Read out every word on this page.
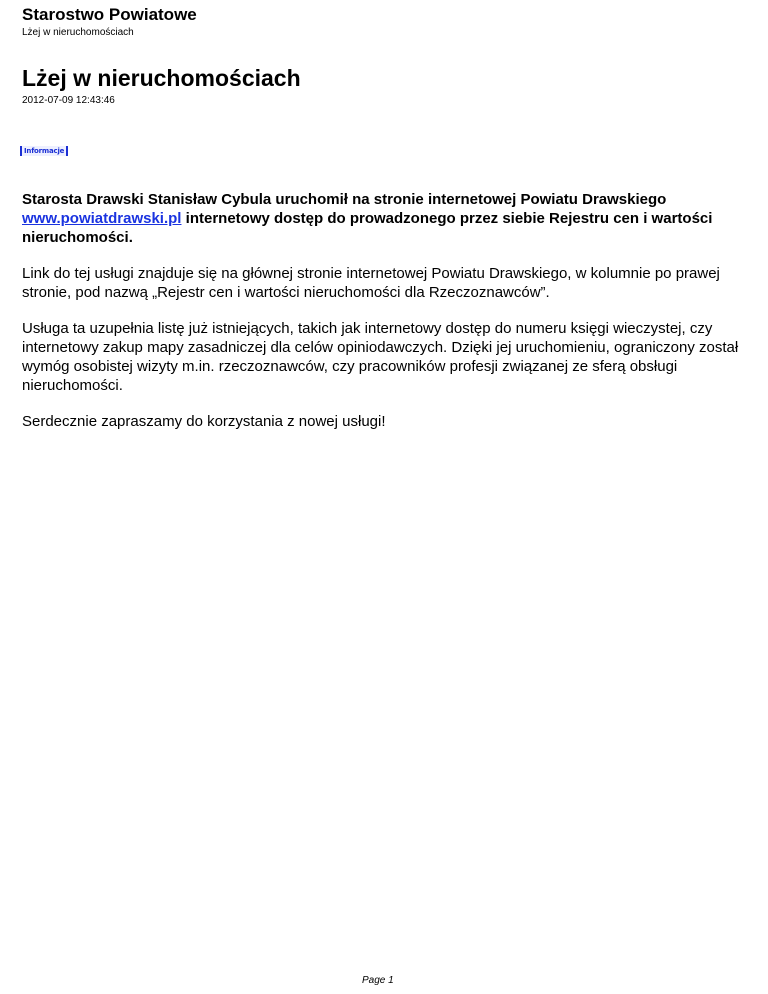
Starostwo Powiatowe
Lżej w nieruchomościach
Lżej w nieruchomościach
2012-07-09 12:43:46
Informacje

Starosta Drawski Stanisław Cybula uruchomił na stronie internetowej Powiatu Drawskiego www.powiatdrawski.pl internetowy dostęp do prowadzonego przez siebie Rejestru cen i wartości nieruchomości.

Link do tej usługi znajduje się na głównej stronie internetowej Powiatu Drawskiego, w kolumnie po prawej stronie, pod nazwą „Rejestr cen i wartości nieruchomości dla Rzeczoznawców”.

Usługa ta uzupełnia listę już istniejących, takich jak internetowy dostęp do numeru księgi wieczystej, czy internetowy zakup mapy zasadniczej dla celów opiniodawczych. Dzięki jej uruchomieniu, ograniczony został wymóg osobistej wizyty m.in. rzeczoznawców, czy pracowników profesji związanej ze sferą obsługi nieruchomości.

Serdecznie zapraszamy do korzystania z nowej usługi!

Page 1
